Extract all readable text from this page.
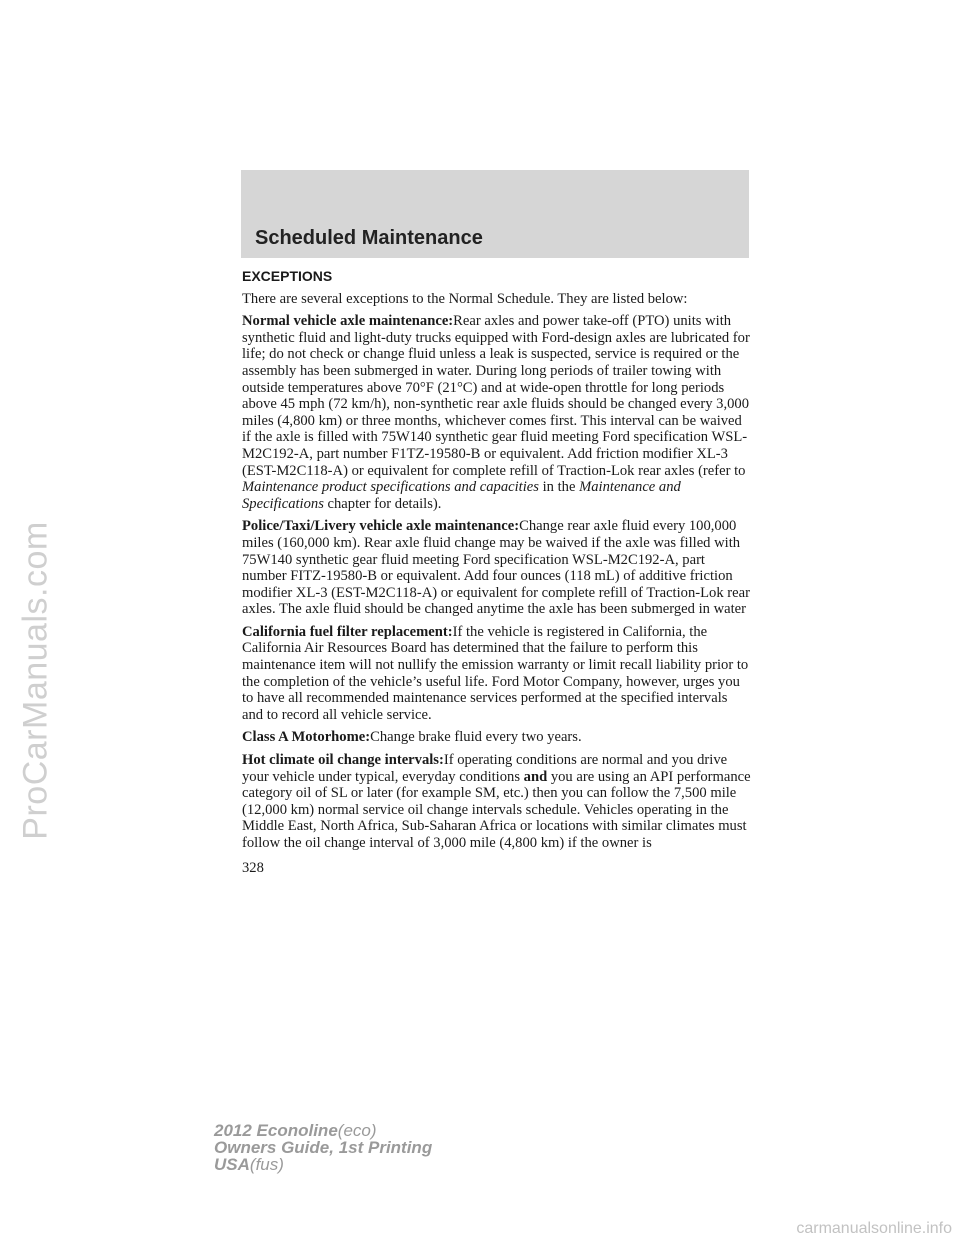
ProCarManuals.com
Scheduled Maintenance
EXCEPTIONS

There are several exceptions to the Normal Schedule. They are listed below:

Normal vehicle axle maintenance:Rear axles and power take-off (PTO) units with synthetic fluid and light-duty trucks equipped with Ford-design axles are lubricated for life; do not check or change fluid unless a leak is suspected, service is required or the assembly has been submerged in water. During long periods of trailer towing with outside temperatures above 70°F (21°C) and at wide-open throttle for long periods above 45 mph (72 km/h), non-synthetic rear axle fluids should be changed every 3,000 miles (4,800 km) or three months, whichever comes first. This interval can be waived if the axle is filled with 75W140 synthetic gear fluid meeting Ford specification WSL-M2C192-A, part number F1TZ-19580-B or equivalent. Add friction modifier XL-3 (EST-M2C118-A) or equivalent for complete refill of Traction-Lok rear axles (refer to Maintenance product specifications and capacities in the Maintenance and Specifications chapter for details).

Police/Taxi/Livery vehicle axle maintenance:Change rear axle fluid every 100,000 miles (160,000 km). Rear axle fluid change may be waived if the axle was filled with 75W140 synthetic gear fluid meeting Ford specification WSL-M2C192-A, part number FITZ-19580-B or equivalent. Add four ounces (118 mL) of additive friction modifier XL-3 (EST-M2C118-A) or equivalent for complete refill of Traction-Lok rear axles. The axle fluid should be changed anytime the axle has been submerged in water

California fuel filter replacement:If the vehicle is registered in California, the California Air Resources Board has determined that the failure to perform this maintenance item will not nullify the emission warranty or limit recall liability prior to the completion of the vehicle’s useful life. Ford Motor Company, however, urges you to have all recommended maintenance services performed at the specified intervals and to record all vehicle service.

Class A Motorhome:Change brake fluid every two years.

Hot climate oil change intervals:If operating conditions are normal and you drive your vehicle under typical, everyday conditions and you are using an API performance category oil of SL or later (for example SM, etc.) then you can follow the 7,500 mile (12,000 km) normal service oil change intervals schedule. Vehicles operating in the Middle East, North Africa, Sub-Saharan Africa or locations with similar climates must follow the oil change interval of 3,000 mile (4,800 km) if the owner is

328
2012 Econoline(eco)
Owners Guide, 1st Printing
USA(fus)
carmanualsonline.info
